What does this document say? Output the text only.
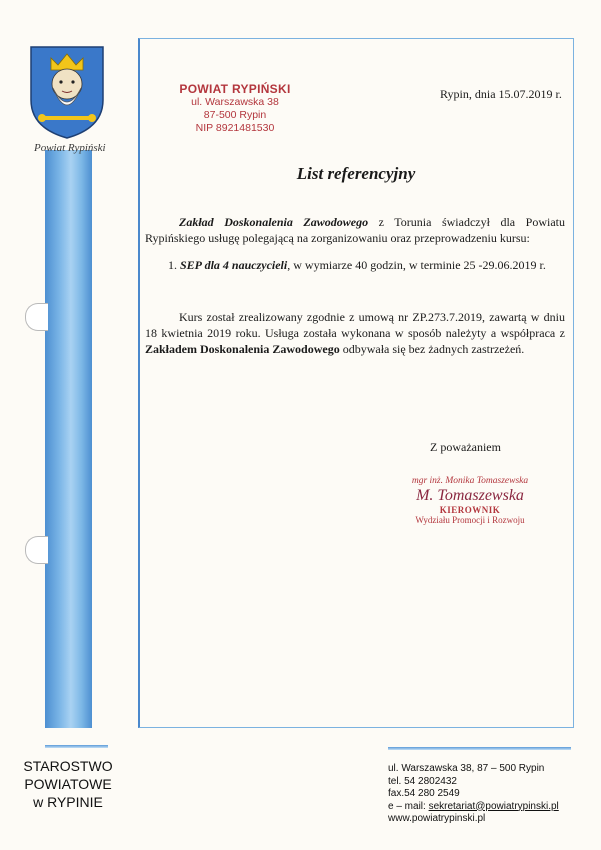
Powiat Rypiński
POWIAT RYPIŃSKI
ul. Warszawska 38
87-500 Rypin
NIP 8921481530
Rypin, dnia 15.07.2019 r.
List referencyjny
Zakład Doskonalenia Zawodowego z Torunia świadczył dla Powiatu Rypińskiego usługę polegającą na zorganizowaniu oraz przeprowadzeniu kursu:
1. SEP dla 4 nauczycieli, w wymiarze 40 godzin, w terminie 25 -29.06.2019 r.
Kurs został zrealizowany zgodnie z umową nr ZP.273.7.2019, zawartą w dniu 18 kwietnia 2019 roku. Usługa została wykonana w sposób należyty a współpraca z Zakładem Doskonalenia Zawodowego odbywała się bez żadnych zastrzeżeń.
Z poważaniem
mgr inż. Monika Tomaszewska
M. Tomaszewska
KIEROWNIK
Wydziału Promocji i Rozwoju
STAROSTWO
POWIATOWE
w RYPINIE
ul. Warszawska 38, 87 – 500 Rypin
tel. 54 2802432
fax.54 280 2549
e – mail: sekretariat@powiatrypinski.pl
www.powiatrypinski.pl
